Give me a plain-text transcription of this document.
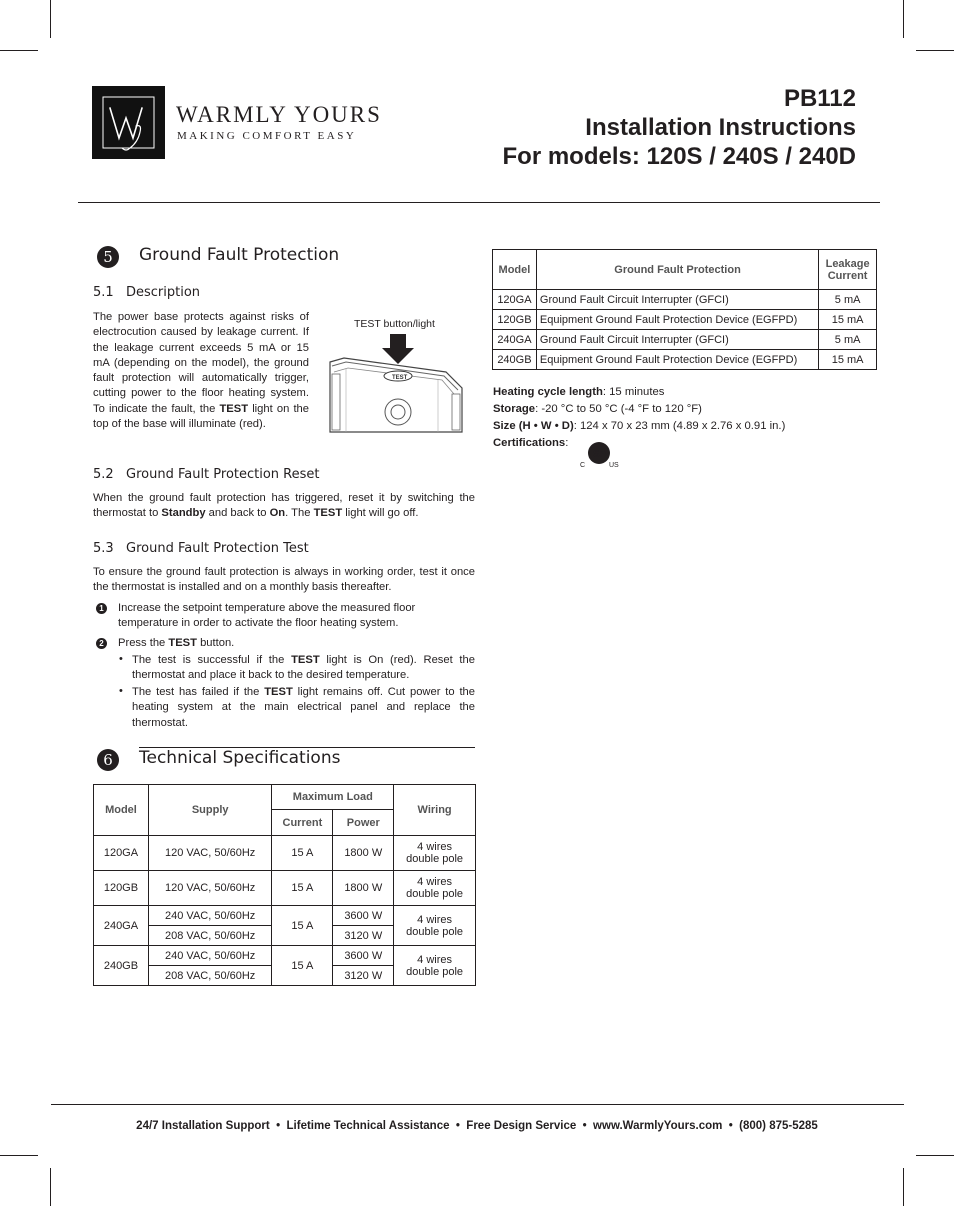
WARMLY YOURS
MAKING COMFORT EASY
PB112
Installation Instructions
For models: 120S / 240S / 240D
5	Ground Fault Protection
5.1 Description
The power base protects against risks of electrocution caused by leakage current. If the leakage current exceeds 5 mA or 15 mA (depending on the model), the ground fault protection will automatically trigger, cutting power to the floor heating system. To indicate the fault, the TEST light on the top of the base will illuminate (red).
TEST button/light
TEST
5.2 Ground Fault Protection Reset
When the ground fault protection has triggered, reset it by switching the thermostat to Standby and back to On. The TEST light will go off.
5.3 Ground Fault Protection Test
To ensure the ground fault protection is always in working order, test it once the thermostat is installed and on a monthly basis thereafter.
1 Increase the setpoint temperature above the measured floor temperature in order to activate the floor heating system.
2 Press the TEST button.
• The test is successful if the TEST light is On (red). Reset the thermostat and place it back to the desired temperature.
• The test has failed if the TEST light remains off. Cut power to the heating system at the main electrical panel and replace the thermostat.
6	Technical Specifications
Model	Supply	Maximum Load		Wiring
		Current	Power	
120GA	120 VAC, 50/60Hz	15 A	1800 W	4 wires
double pole

120GB	120 VAC, 50/60Hz	15 A	1800 W	4 wires
double pole

240GA	240 VAC, 50/60Hz	15 A	3600 W	4 wires
double pole

	208 VAC, 50/60Hz		3120 W	
240GB	240 VAC, 50/60Hz	15 A	3600 W	4 wires
double pole

	208 VAC, 50/60Hz		3120 W	
Model	Ground Fault Protection	Leakage
Current

120GA	Ground Fault Circuit Interrupter (GFCI)	5 mA
120GB	Equipment Ground Fault Protection Device (EGFPD)	15 mA
240GA	Ground Fault Circuit Interrupter (GFCI)	5 mA
240GB	Equipment Ground Fault Protection Device (EGFPD)	15 mA
Heating cycle length: 15 minutes
Storage: -20 °C to 50 °C (-4 °F to 120 °F)
Size (H • W • D): 124 x 70 x 23 mm (4.89 x 2.76 x 0.91 in.)
Certifications:
SP
C	US
24/7 Installation Support  •  Lifetime Technical Assistance  •  Free Design Service  •  www.WarmlyYours.com  •  (800) 875-5285
